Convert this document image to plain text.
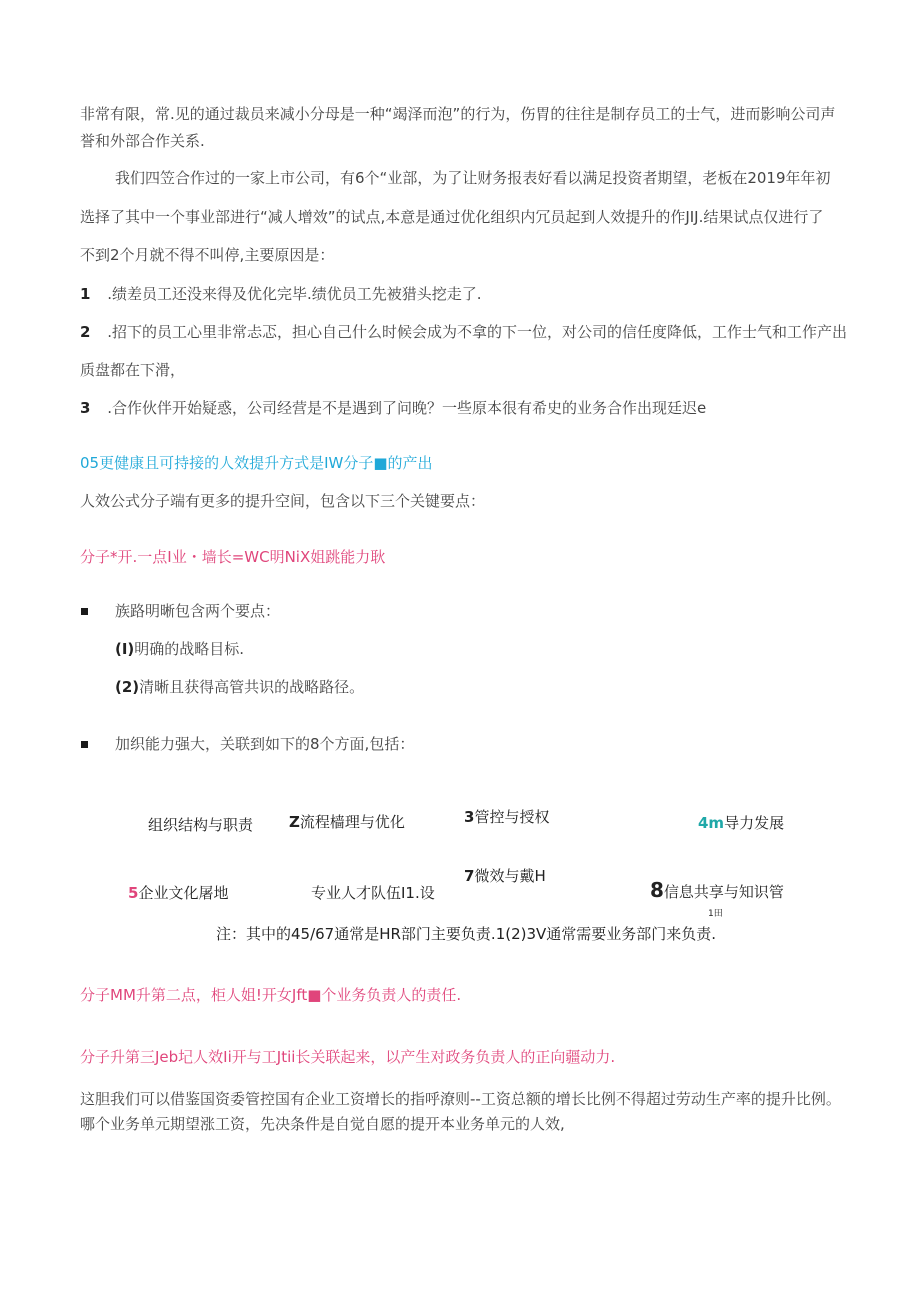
非常有限，常.见的通过裁员来减小分母是一种“竭泽而泡”的行为，伤胃的往往是制存员工的士气，进而影响公司声
誉和外部合作关系.
我们四笠合作过的一家上市公司，有6个“业部，为了让财务报表好看以满足投资者期望，老板在2019年年初
选择了其中一个事业部进行“减人增效”的试点,本意是通过优化组织内冗员起到人效提升的作JIJ.结果试点仅进行了
不到2个月就不得不叫停,主要原因是：
1 .绩差员工还没来得及优化完毕.绩优员工先被猎头挖走了.
2 .招下的员工心里非常忐忑，担心自己什么时候会成为不拿的下一位，对公司的信任度降低，工作士气和工作产出
质盘都在下滑，
3 .合作伙伴开始疑惑，公司经营是不是遇到了问晚？一些原本很有希史的业务合作出现廷迟e
05更健康且可持接的人效提升方式是IW分子■的产出
人效公式分子端有更多的提升空间，包含以下三个关键要点：
分子*开.一点I业・墙长=WC明NiX姐跳能力耿
族路明晰包含两个要点：
(I)明确的战略目标.
(2)清晰且获得高管共识的战略路径。
加织能力强大，关联到如下的8个方面,包括：
组织结构与职责 Z流程樯理与优化	3管控与授权	4m导力发展
7微效与戴H
5企业文化屠地	专业人才队伍I1.设	8信息共享与知识管
1田
注：其中的45/67通常是HR部门主要负责.1(2)3V通常需要业务部门来负责.
分子MM升第二点，柜人姐!开女Jft■个业务负责人的责任.
分子升第三Jeb圮人效Ii开与工Jtii长关联起来，以产生对政务负责人的正向疆动力.
这胆我们可以借鉴国资委管控国有企业工资增长的指呼潦则--工资总额的增长比例不得超过劳动生产率的提升比例。
哪个业务单元期望涨工资，先决条件是自觉自愿的提开本业务单元的人效,
